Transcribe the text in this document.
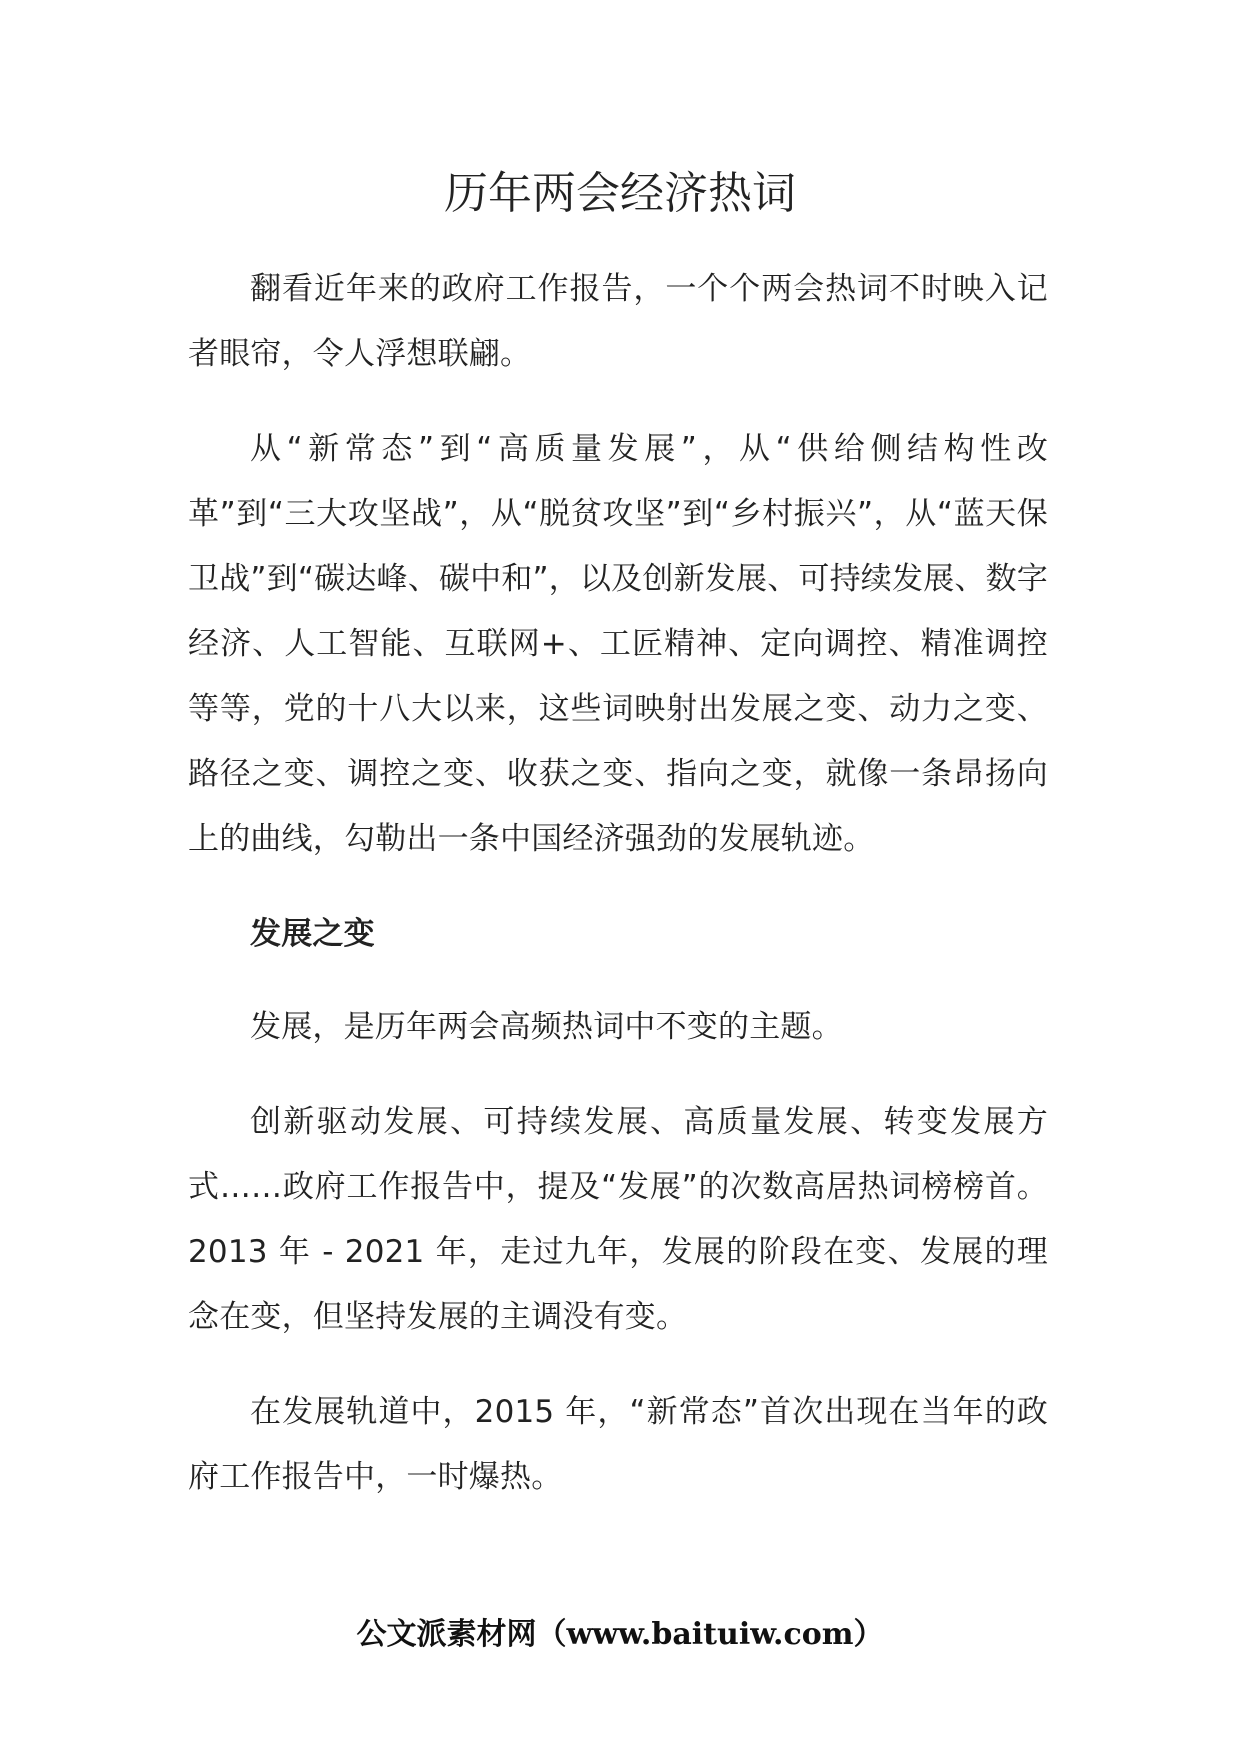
历年两会经济热词

翻看近年来的政府工作报告，一个个两会热词不时映入记者眼帘，令人浮想联翩。

从“新常态”到“高质量发展”，从“供给侧结构性改革”到“三大攻坚战”，从“脱贫攻坚”到“乡村振兴”，从“蓝天保卫战”到“碳达峰、碳中和”，以及创新发展、可持续发展、数字经济、人工智能、互联网+、工匠精神、定向调控、精准调控等等，党的十八大以来，这些词映射出发展之变、动力之变、路径之变、调控之变、收获之变、指向之变，就像一条昂扬向上的曲线，勾勒出一条中国经济强劲的发展轨迹。

发展之变

发展，是历年两会高频热词中不变的主题。

创新驱动发展、可持续发展、高质量发展、转变发展方式……政府工作报告中，提及“发展”的次数高居热词榜榜首。2013 年 - 2021 年，走过九年，发展的阶段在变、发展的理念在变，但坚持发展的主调没有变。

在发展轨道中，2015 年，“新常态”首次出现在当年的政府工作报告中，一时爆热。

公文派素材网（www.baituiw.com）
